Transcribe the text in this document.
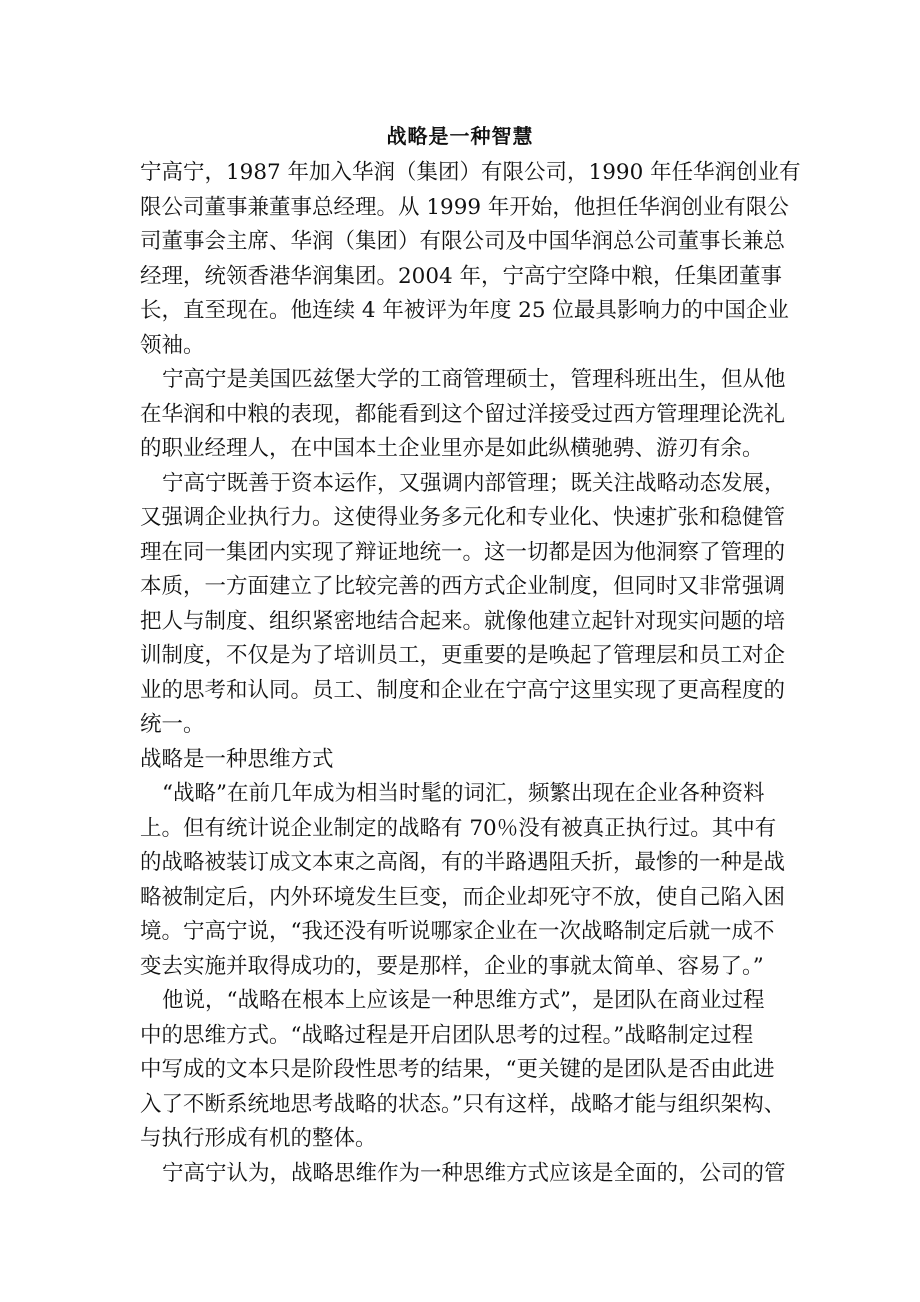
战略是一种智慧
宁高宁，1987 年加入华润（集团）有限公司，1990 年任华润创业有
限公司董事兼董事总经理。从 1999 年开始，他担任华润创业有限公
司董事会主席、华润（集团）有限公司及中国华润总公司董事长兼总
经理，统领香港华润集团。2004 年，宁高宁空降中粮，任集团董事
长，直至现在。他连续 4 年被评为年度 25 位最具影响力的中国企业
领袖。
宁高宁是美国匹兹堡大学的工商管理硕士，管理科班出生，但从他
在华润和中粮的表现，都能看到这个留过洋接受过西方管理理论洗礼
的职业经理人，在中国本土企业里亦是如此纵横驰骋、游刃有余。
宁高宁既善于资本运作，又强调内部管理；既关注战略动态发展，
又强调企业执行力。这使得业务多元化和专业化、快速扩张和稳健管
理在同一集团内实现了辩证地统一。这一切都是因为他洞察了管理的
本质，一方面建立了比较完善的西方式企业制度，但同时又非常强调
把人与制度、组织紧密地结合起来。就像他建立起针对现实问题的培
训制度，不仅是为了培训员工，更重要的是唤起了管理层和员工对企
业的思考和认同。员工、制度和企业在宁高宁这里实现了更高程度的
统一。
战略是一种思维方式
“战略”在前几年成为相当时髦的词汇，频繁出现在企业各种资料
上。但有统计说企业制定的战略有 70％没有被真正执行过。其中有
的战略被装订成文本束之高阁，有的半路遇阻夭折，最惨的一种是战
略被制定后，内外环境发生巨变，而企业却死守不放，使自己陷入困
境。宁高宁说，“我还没有听说哪家企业在一次战略制定后就一成不
变去实施并取得成功的，要是那样，企业的事就太简单、容易了。”
他说，“战略在根本上应该是一种思维方式”，是团队在商业过程
中的思维方式。“战略过程是开启团队思考的过程。”战略制定过程
中写成的文本只是阶段性思考的结果，“更关键的是团队是否由此进
入了不断系统地思考战略的状态。”只有这样，战略才能与组织架构、
与执行形成有机的整体。
宁高宁认为，战略思维作为一种思维方式应该是全面的，公司的管
